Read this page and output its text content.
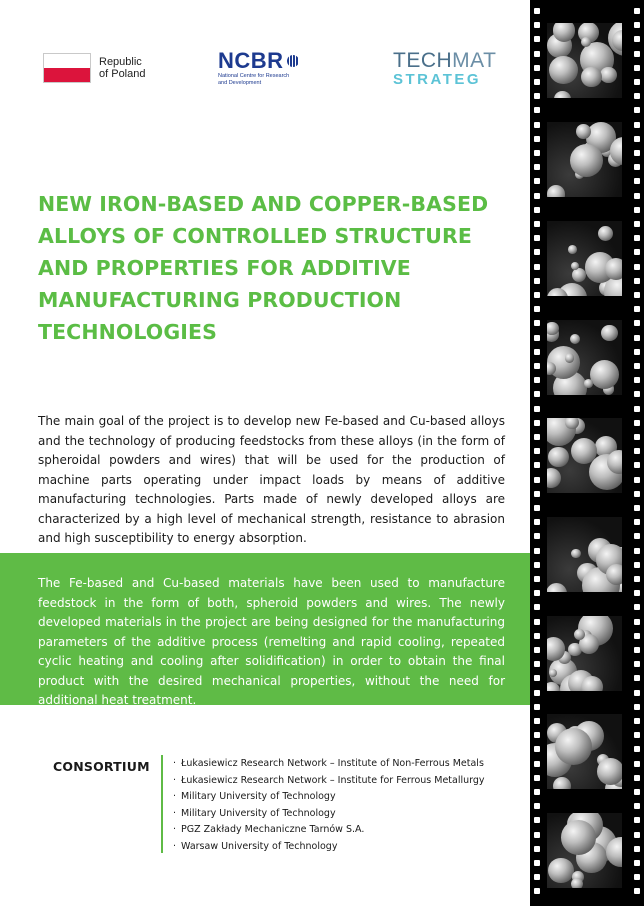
Republic
of Poland
NCBR
National Centre for Research
and Development
TECHMAT
STRATEG
NEW IRON-BASED AND COPPER-BASED
ALLOYS OF CONTROLLED STRUCTURE
AND PROPERTIES FOR ADDITIVE
MANUFACTURING PRODUCTION
TECHNOLOGIES

The main goal of the project is to develop new Fe-based and Cu-based alloys and the technology of producing feedstocks from these alloys (in the form of spheroidal powders and wires) that will be used for the production of machine parts operating under impact loads by means of additive manufacturing technologies. Parts made of newly developed alloys are characterized by a high level of mechanical strength, resistance to abrasion and high susceptibility to energy absorption.

The Fe-based and Cu-based materials have been used to manufacture feedstock in the form of both, spheroid powders and wires. The newly developed materials in the project are being designed for the manufacturing parameters of the additive process (remelting and rapid cooling, repeated cyclic heating and cooling after solidification) in order to obtain the final product with the desired mechanical properties, without the need for additional heat treatment.

CONSORTIUM · Łukasiewicz Research Network – Institute of Non-Ferrous Metals
· Łukasiewicz Research Network – Institute for Ferrous Metallurgy
· Military University of Technology
· Military University of Technology
· PGZ Zakłady Mechaniczne Tarnów S.A.
· Warsaw University of Technology
